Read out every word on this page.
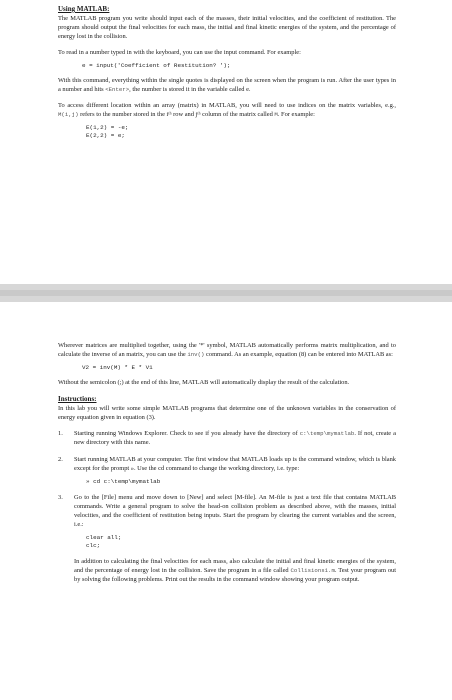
Using MATLAB:

The MATLAB program you write should input each of the masses, their initial velocities, and the coefficient of restitution. The program should output the final velocities for each mass, the initial and final kinetic energies of the system, and the percentage of energy lost in the collision.

To read in a number typed in with the keyboard, you can use the input command. For example:

e = input('Coefficient of Restitution? ');

With this command, everything within the single quotes is displayed on the screen when the program is run. After the user types in a number and hits <Enter>, the number is stored it in the variable called e.

To access different location within an array (matrix) in MATLAB, you will need to use indices on the matrix variables, e.g., M(i,j) refers to the number stored in the iᵗʰ row and jᵗʰ column of the matrix called M. For example:

E(1,2) = -e;
E(2,2) = e;

Wherever matrices are multiplied together, using the '*' symbol, MATLAB automatically performs matrix multiplication, and to calculate the inverse of an matrix, you can use the inv() command. As an example, equation (8) can be entered into MATLAB as:

V2 = inv(M) * E * V1

Without the semicolon (;) at the end of this line, MATLAB will automatically display the result of the calculation.

Instructions:

In this lab you will write some simple MATLAB programs that determine one of the unknown variables in the conservation of energy equation given in equation (3).

1. Starting running Windows Explorer. Check to see if you already have the directory of c:\temp\mymatlab. If not, create a new directory with this name.

2. Start running MATLAB at your computer. The first window that MATLAB loads up is the command window, which is blank except for the prompt ». Use the cd command to change the working directory, i.e. type:

» cd c:\temp\mymatlab
3. Go to the [File] menu and move down to [New] and select [M-file]. An M-file is just a text file that contains MATLAB commands. Write a general program to solve the head-on collision problem as described above, with the masses, initial velocities, and the coefficient of restitution being inputs. Start the program by clearing the current variables and the screen, i.e.:

clear all;
clc;

In addition to calculating the final velocities for each mass, also calculate the initial and final kinetic energies of the system, and the percentage of energy lost in the collision. Save the program in a file called Collisions1.m. Test your program out by solving the following problems. Print out the results in the command window showing your program output.
